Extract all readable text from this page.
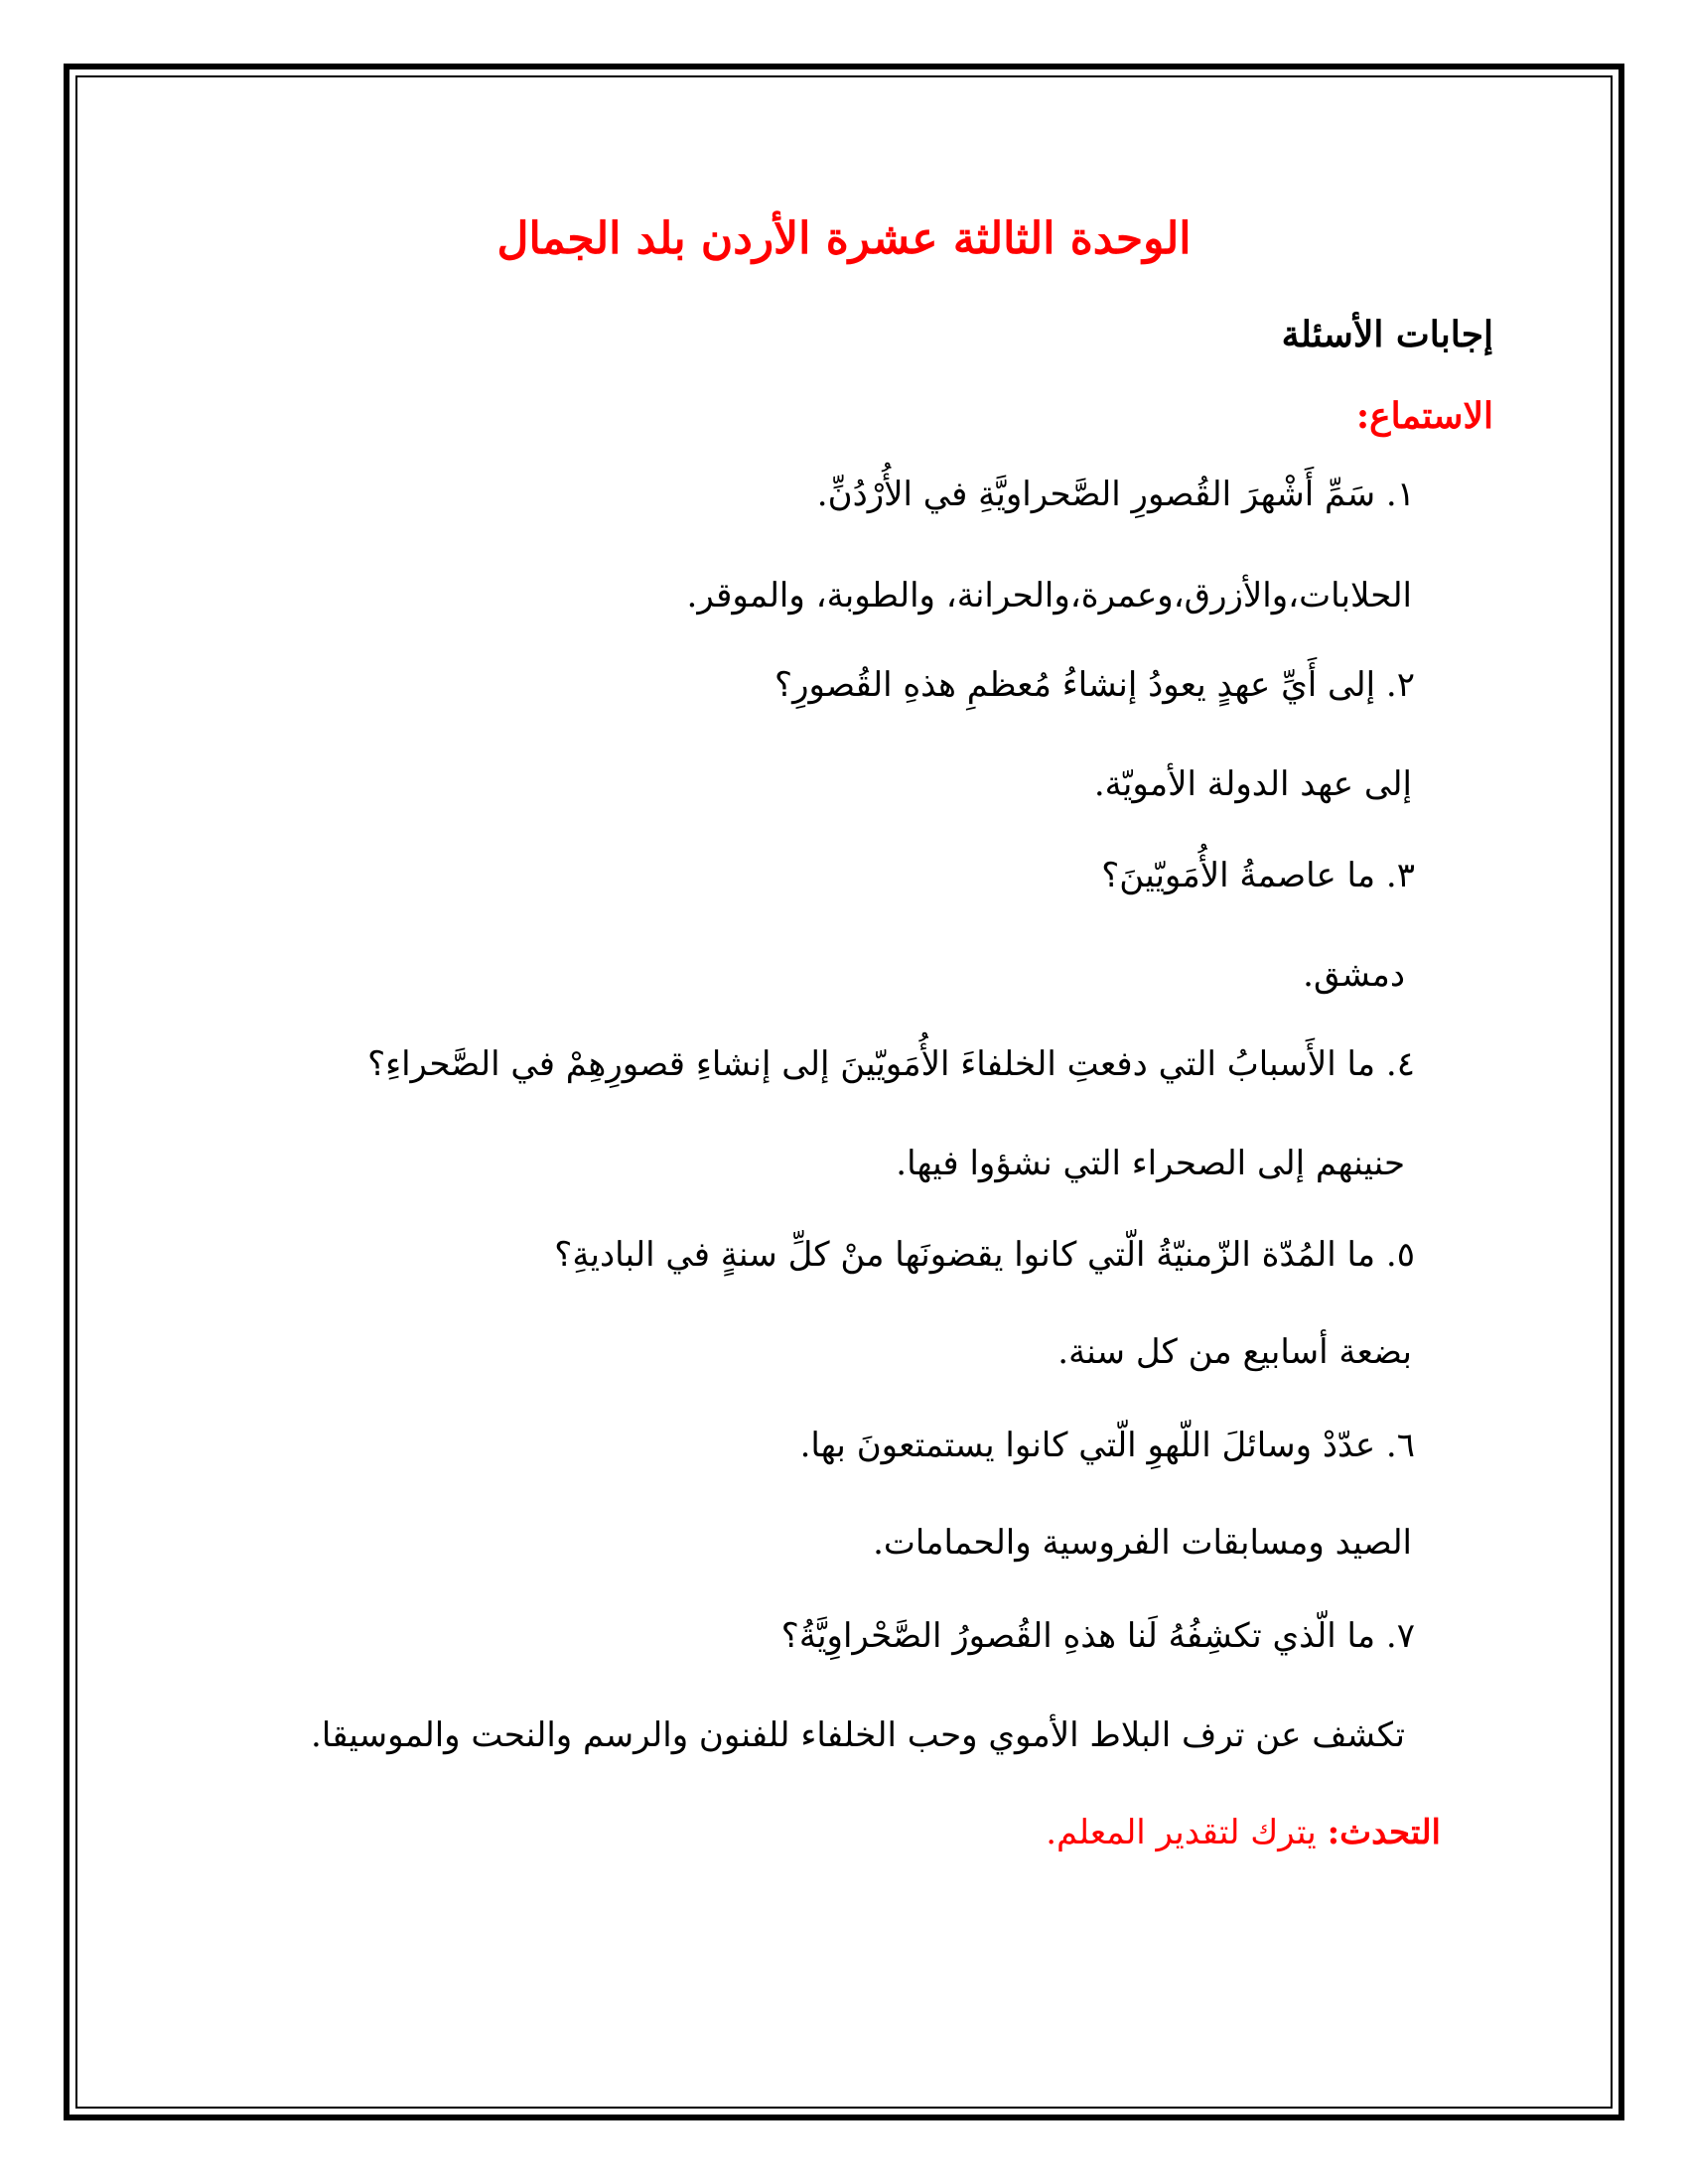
الوحدة الثالثة عشرة الأردن بلد الجمال
إجابات الأسئلة
الاستماع:
١. سَمِّ أَشْهرَ القُصورِ الصَّحراويَّةِ في الأُرْدُنِّ.
الحلابات،والأزرق،وعمرة،والحرانة، والطوبة، والموقر.
٢. إلى أَيِّ عهدٍ يعودُ إنشاءُ مُعظمِ هذهِ القُصورِ؟
إلى عهد الدولة الأمويّة.
٣. ما عاصمةُ الأُمَويّينَ؟
دمشق.
٤. ما الأَسبابُ التي دفعتِ الخلفاءَ الأُمَويّينَ إلى إنشاءِ قصورِهِمْ في الصَّحراءِ؟
حنينهم إلى الصحراء التي نشؤوا فيها.
٥. ما المُدّة الزّمنيّةُ الّتي كانوا يقضونَها منْ كلِّ سنةٍ في الباديةِ؟
بضعة أسابيع من كل سنة.
٦. عدّدْ وسائلَ اللّهوِ الّتي كانوا يستمتعونَ بها.
الصيد ومسابقات الفروسية والحمامات.
٧. ما الّذي تكشِفُهُ لَنا هذهِ القُصورُ الصَّحْراوِيَّةُ؟
تكشف عن ترف البلاط الأموي وحب الخلفاء للفنون والرسم والنحت والموسيقا.
التحدث: يترك لتقدير المعلم.
